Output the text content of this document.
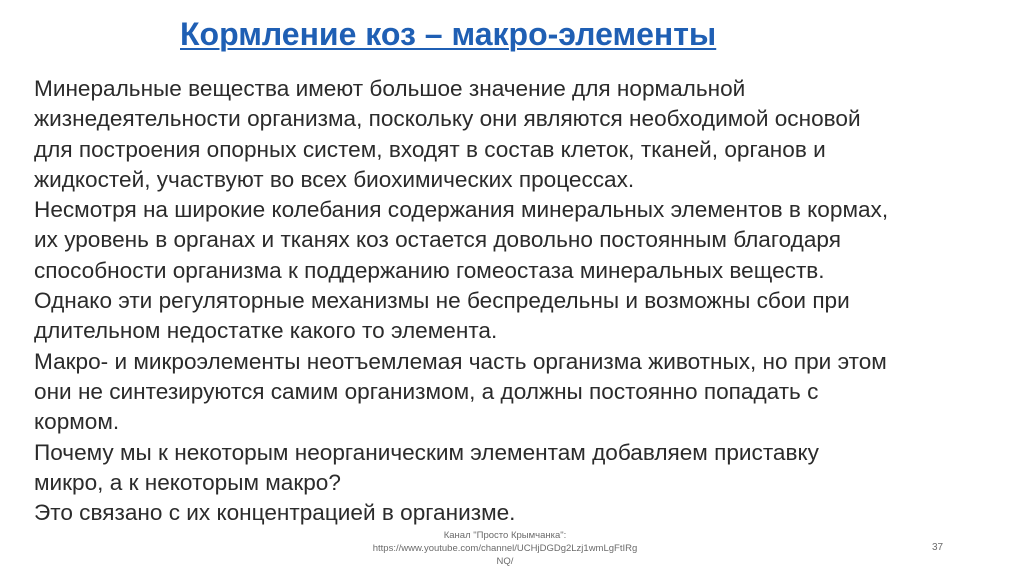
Кормление коз – макро-элементы
Минеральные вещества имеют большое значение для нормальной
жизнедеятельности организма, поскольку они являются необходимой основой
для построения опорных систем, входят в состав клеток, тканей, органов и
жидкостей, участвуют во всех биохимических процессах.
Несмотря на широкие колебания содержания минеральных элементов в кормах,
их уровень в органах и тканях коз остается довольно постоянным благодаря
способности организма к поддержанию гомеостаза минеральных веществ.
Однако эти регуляторные механизмы не беспредельны и возможны сбои при
длительном недостатке какого то элемента.
Макро- и микроэлементы неотъемлемая часть организма животных, но при этом
они не синтезируются самим организмом, а должны постоянно попадать с
кормом.
Почему мы к некоторым неорганическим элементам добавляем приставку
микро, а к некоторым макро?
Это связано с их концентрацией в организме.
Канал "Просто Крымчанка":
https://www.youtube.com/channel/UCHjDGDg2Lzj1wmLgFtIRg
NQ/
37
